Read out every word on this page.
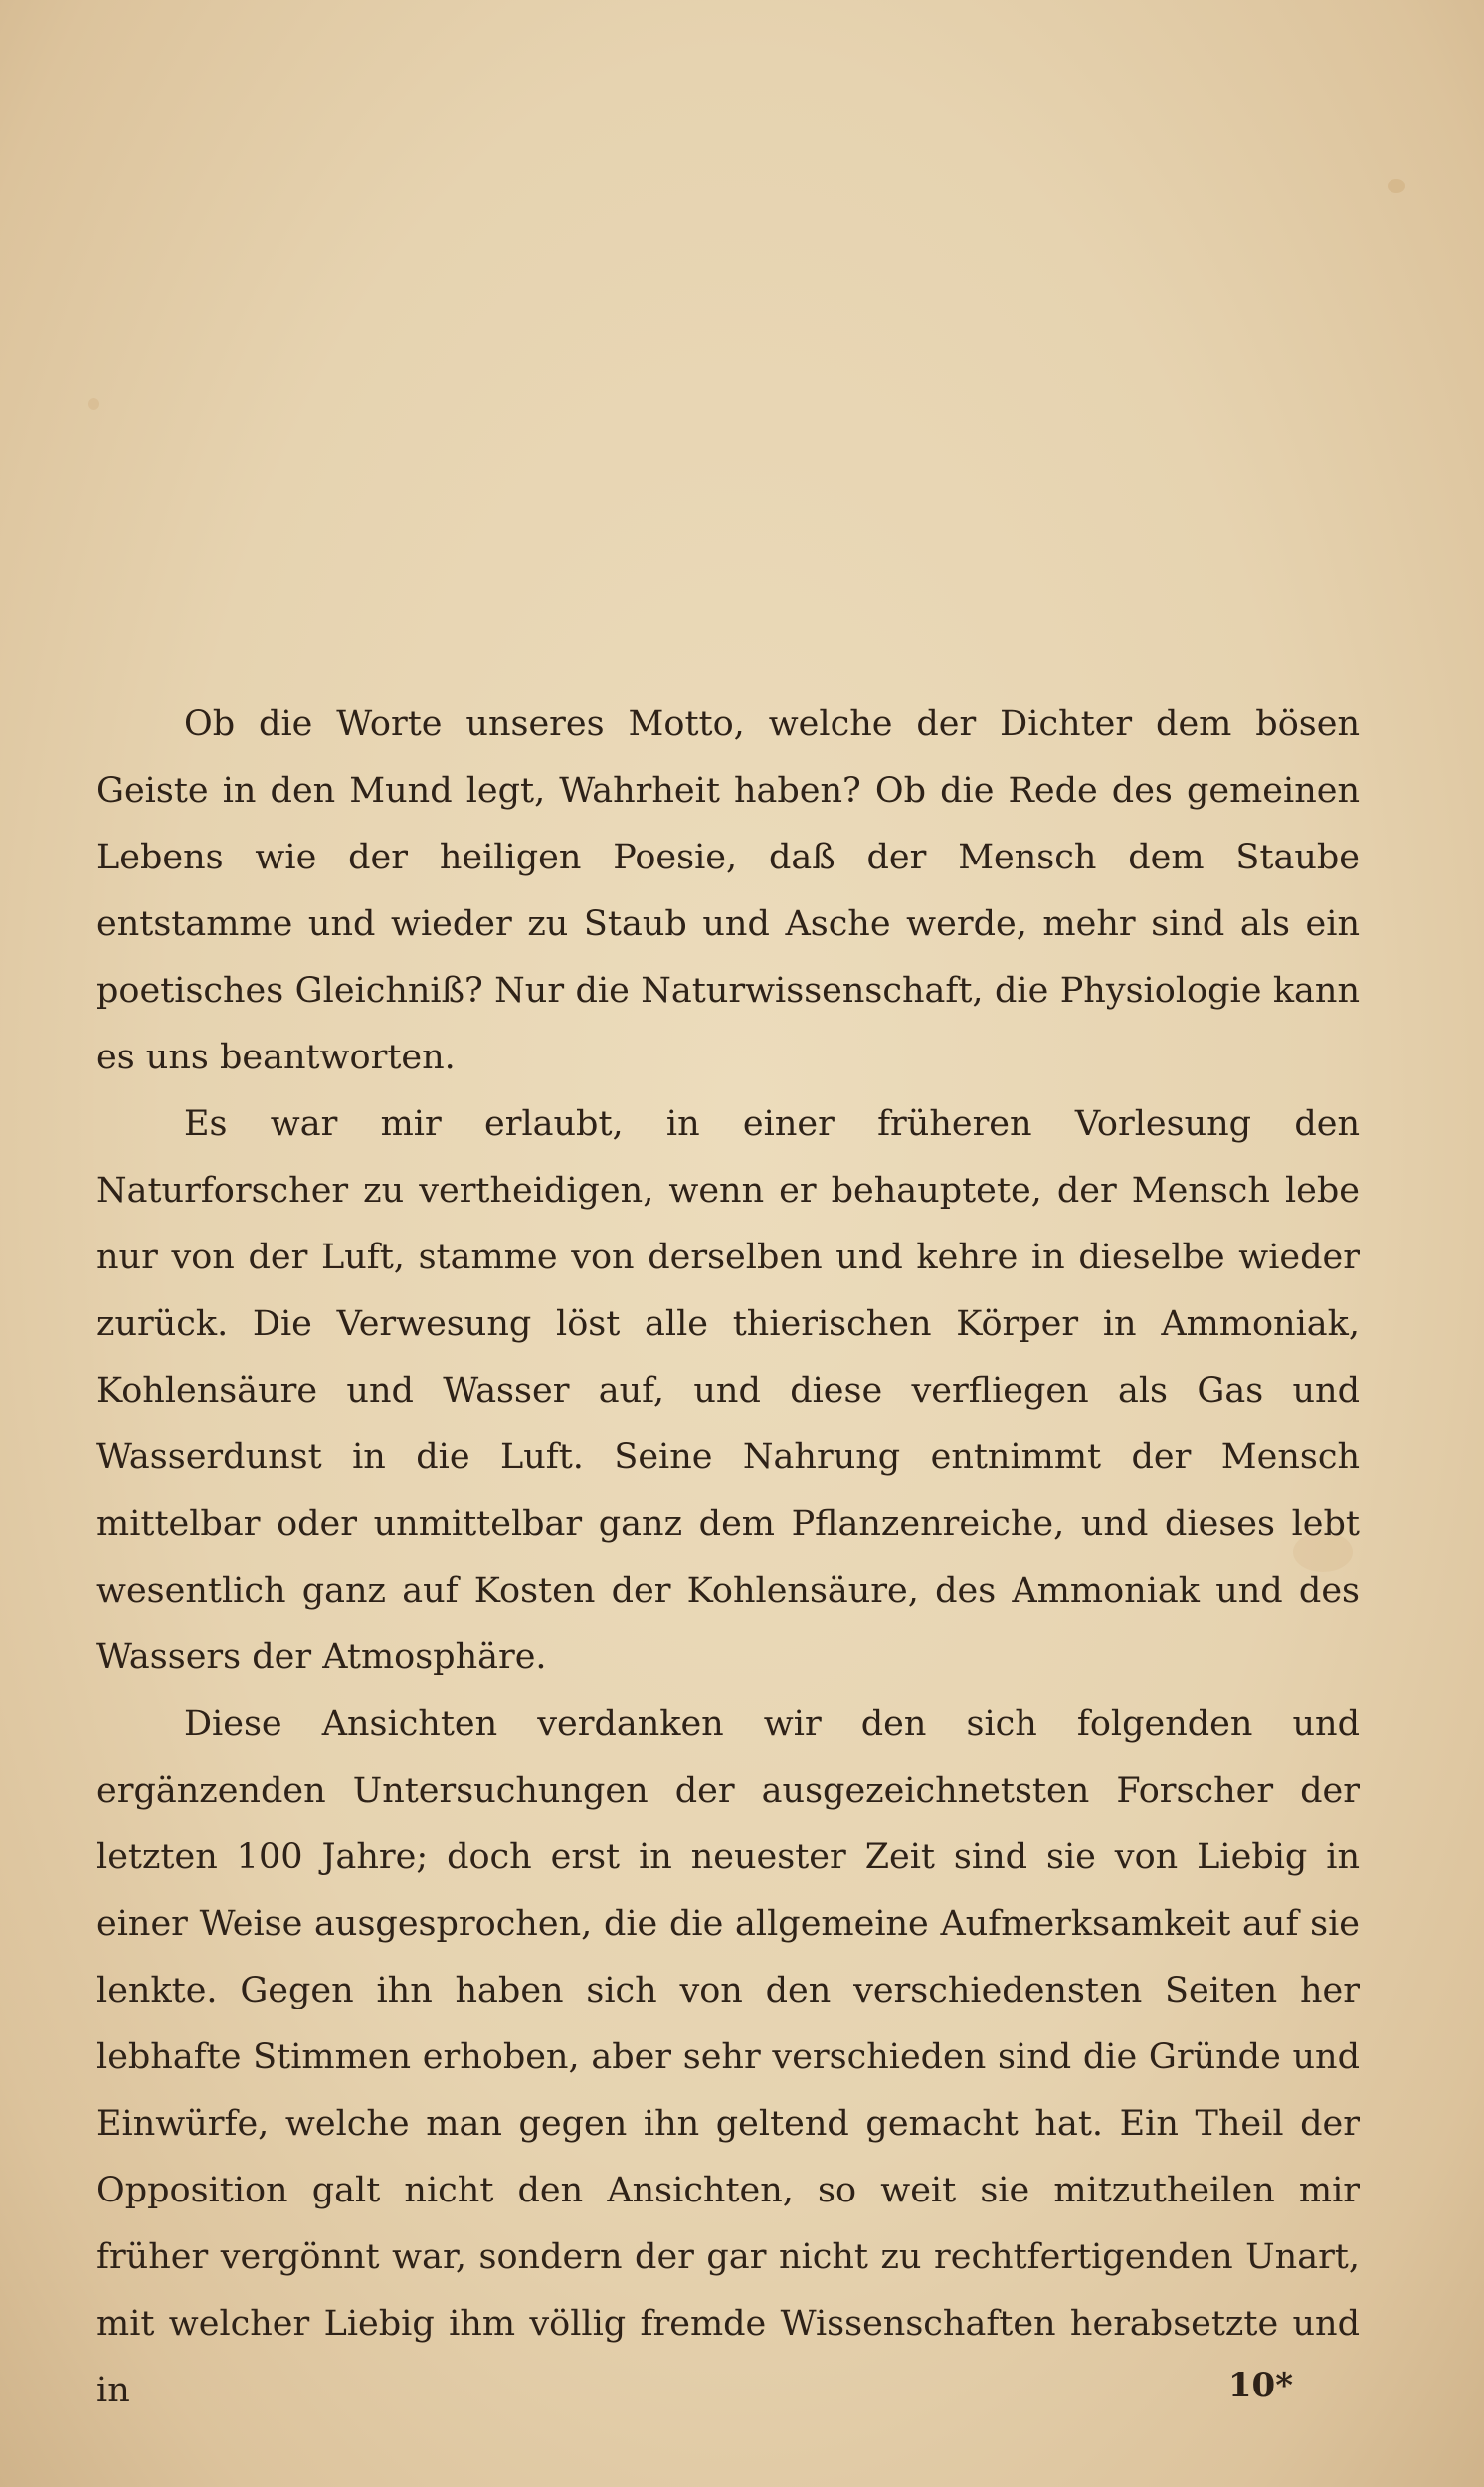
Ob die Worte unseres Motto, welche der Dichter dem bösen Geiste in den Mund legt, Wahrheit haben? Ob die Rede des gemeinen Lebens wie der heiligen Poesie, daß der Mensch dem Staube entstamme und wieder zu Staub und Asche werde, mehr sind als ein poetisches Gleichniß? Nur die Naturwissenschaft, die Physiologie kann es uns beantworten.

Es war mir erlaubt, in einer früheren Vorlesung den Naturforscher zu vertheidigen, wenn er behauptete, der Mensch lebe nur von der Luft, stamme von derselben und kehre in dieselbe wieder zurück. Die Verwesung löst alle thierischen Körper in Ammoniak, Kohlensäure und Wasser auf, und diese verfliegen als Gas und Wasserdunst in die Luft. Seine Nahrung entnimmt der Mensch mittelbar oder unmittelbar ganz dem Pflanzenreiche, und dieses lebt wesentlich ganz auf Kosten der Kohlensäure, des Ammoniak und des Wassers der Atmosphäre.

Diese Ansichten verdanken wir den sich folgenden und ergänzenden Untersuchungen der ausgezeichnetsten Forscher der letzten 100 Jahre; doch erst in neuester Zeit sind sie von Liebig in einer Weise ausgesprochen, die die allgemeine Aufmerksamkeit auf sie lenkte. Gegen ihn haben sich von den verschiedensten Seiten her lebhafte Stimmen erhoben, aber sehr verschieden sind die Gründe und Einwürfe, welche man gegen ihn geltend gemacht hat. Ein Theil der Opposition galt nicht den Ansichten, so weit sie mitzutheilen mir früher vergönnt war, sondern der gar nicht zu rechtfertigenden Unart, mit welcher Liebig ihm völlig fremde Wissenschaften herabsetzte und in	10*
